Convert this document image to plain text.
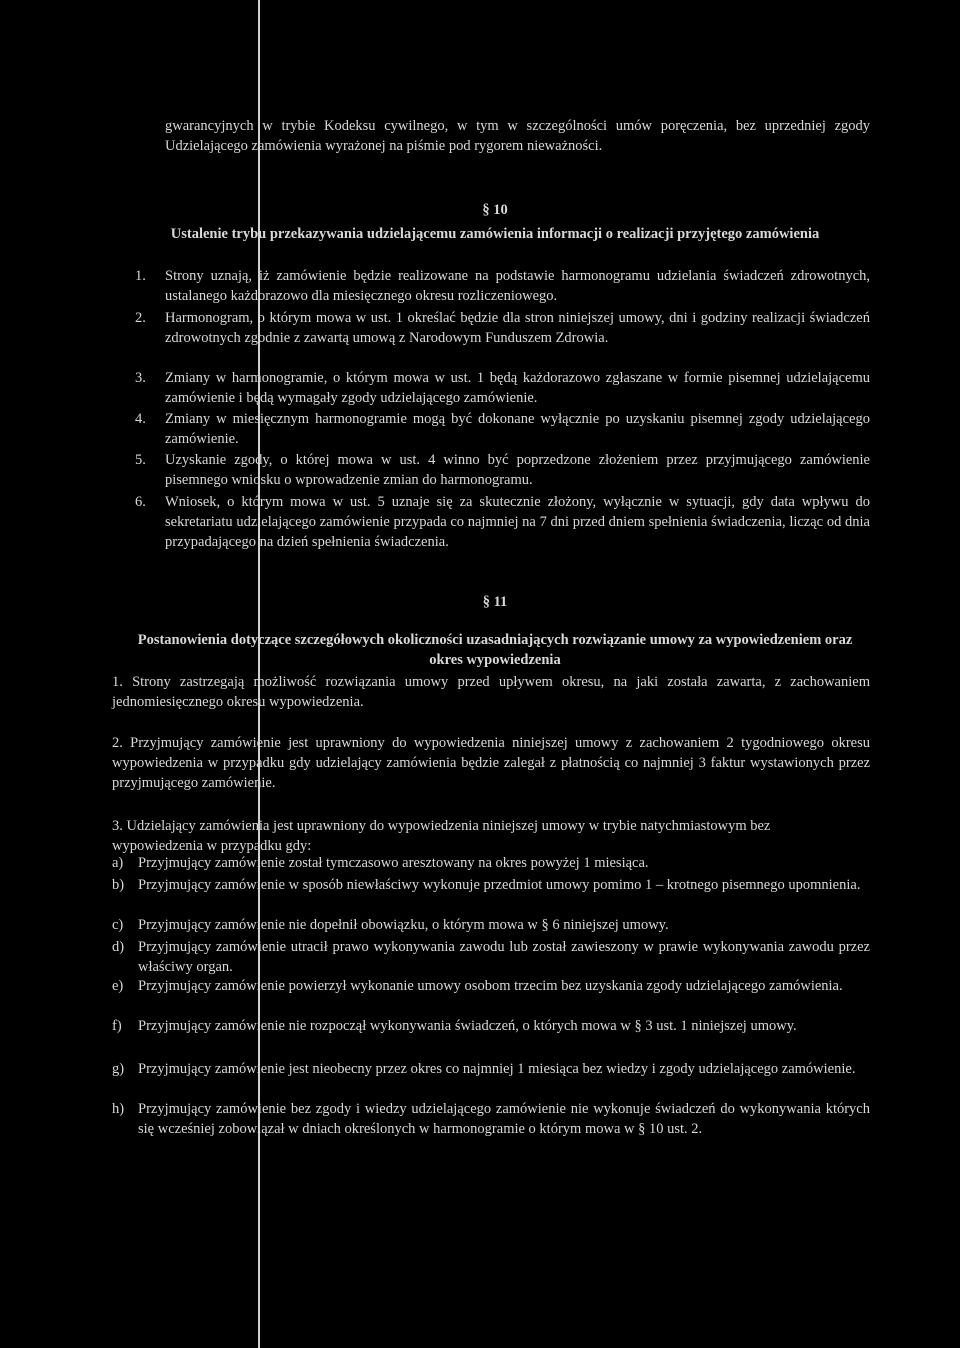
gwarancyjnych w trybie Kodeksu cywilnego, w tym w szczególności umów poręczenia, bez uprzedniej zgody Udzielającego zamówienia wyrażonej na piśmie pod rygorem nieważności.

§ 10

Ustalenie trybu przekazywania udzielającemu zamówienia informacji o realizacji przyjętego zamówienia

1.	Strony uznają, iż zamówienie będzie realizowane na podstawie harmonogramu udzielania świadczeń zdrowotnych, ustalanego każdorazowo dla miesięcznego okresu rozliczeniowego.
2.	Harmonogram, o którym mowa w ust. 1 określać będzie dla stron niniejszej umowy, dni i godziny realizacji świadczeń zdrowotnych zgodnie z zawartą umową z Narodowym Funduszem Zdrowia.
3.	Zmiany w harmonogramie, o którym mowa w ust. 1 będą każdorazowo zgłaszane w formie pisemnej udzielającemu zamówienie i będą wymagały zgody udzielającego zamówienie.
4.	Zmiany w miesięcznym harmonogramie mogą być dokonane wyłącznie po uzyskaniu pisemnej zgody udzielającego zamówienie.
5.	Uzyskanie zgody, o której mowa w ust. 4 winno być poprzedzone złożeniem przez przyjmującego zamówienie pisemnego wniosku o wprowadzenie zmian do harmonogramu.
6.	Wniosek, o którym mowa w ust. 5 uznaje się za skutecznie złożony, wyłącznie w sytuacji, gdy data wpływu do sekretariatu udzielającego zamówienie przypada co najmniej na 7 dni przed dniem spełnienia świadczenia, licząc od dnia przypadającego na dzień spełnienia świadczenia.

§ 11

Postanowienia dotyczące szczegółowych okoliczności uzasadniających rozwiązanie umowy za wypowiedzeniem oraz okres wypowiedzenia

1. Strony zastrzegają możliwość rozwiązania umowy przed upływem okresu, na jaki została zawarta, z zachowaniem jednomiesięcznego okresu wypowiedzenia.

2. Przyjmujący zamówienie jest uprawniony do wypowiedzenia niniejszej umowy z zachowaniem 2 tygodniowego okresu wypowiedzenia w przypadku gdy udzielający zamówienia będzie zalegał z płatnością co najmniej 3 faktur wystawionych przez przyjmującego zamówienie.

3. Udzielający zamówienia jest uprawniony do wypowiedzenia niniejszej umowy w trybie natychmiastowym bez wypowiedzenia w przypadku gdy:

a)	Przyjmujący zamówienie został tymczasowo aresztowany na okres powyżej 1 miesiąca.
b) Przyjmujący zamówienie w sposób niewłaściwy wykonuje przedmiot umowy pomimo 1 – krotnego pisemnego upomnienia.
c)	Przyjmujący zamówienie nie dopełnił obowiązku, o którym mowa w § 6 niniejszej umowy.
d) Przyjmujący zamówienie utracił prawo wykonywania zawodu lub został zawieszony w prawie wykonywania zawodu przez właściwy organ.
e)	Przyjmujący zamówienie powierzył wykonanie umowy osobom trzecim bez uzyskania zgody udzielającego zamówienia.
f)	Przyjmujący zamówienie nie rozpoczął wykonywania świadczeń, o których mowa w § 3 ust. 1 niniejszej umowy.
g) Przyjmujący zamówienie jest nieobecny przez okres co najmniej 1 miesiąca bez wiedzy i zgody udzielającego zamówienie.
h) Przyjmujący zamówienie bez zgody i wiedzy udzielającego zamówienie nie wykonuje świadczeń do wykonywania których się wcześniej zobowiązał w dniach określonych w harmonogramie o którym mowa w § 10 ust. 2.
